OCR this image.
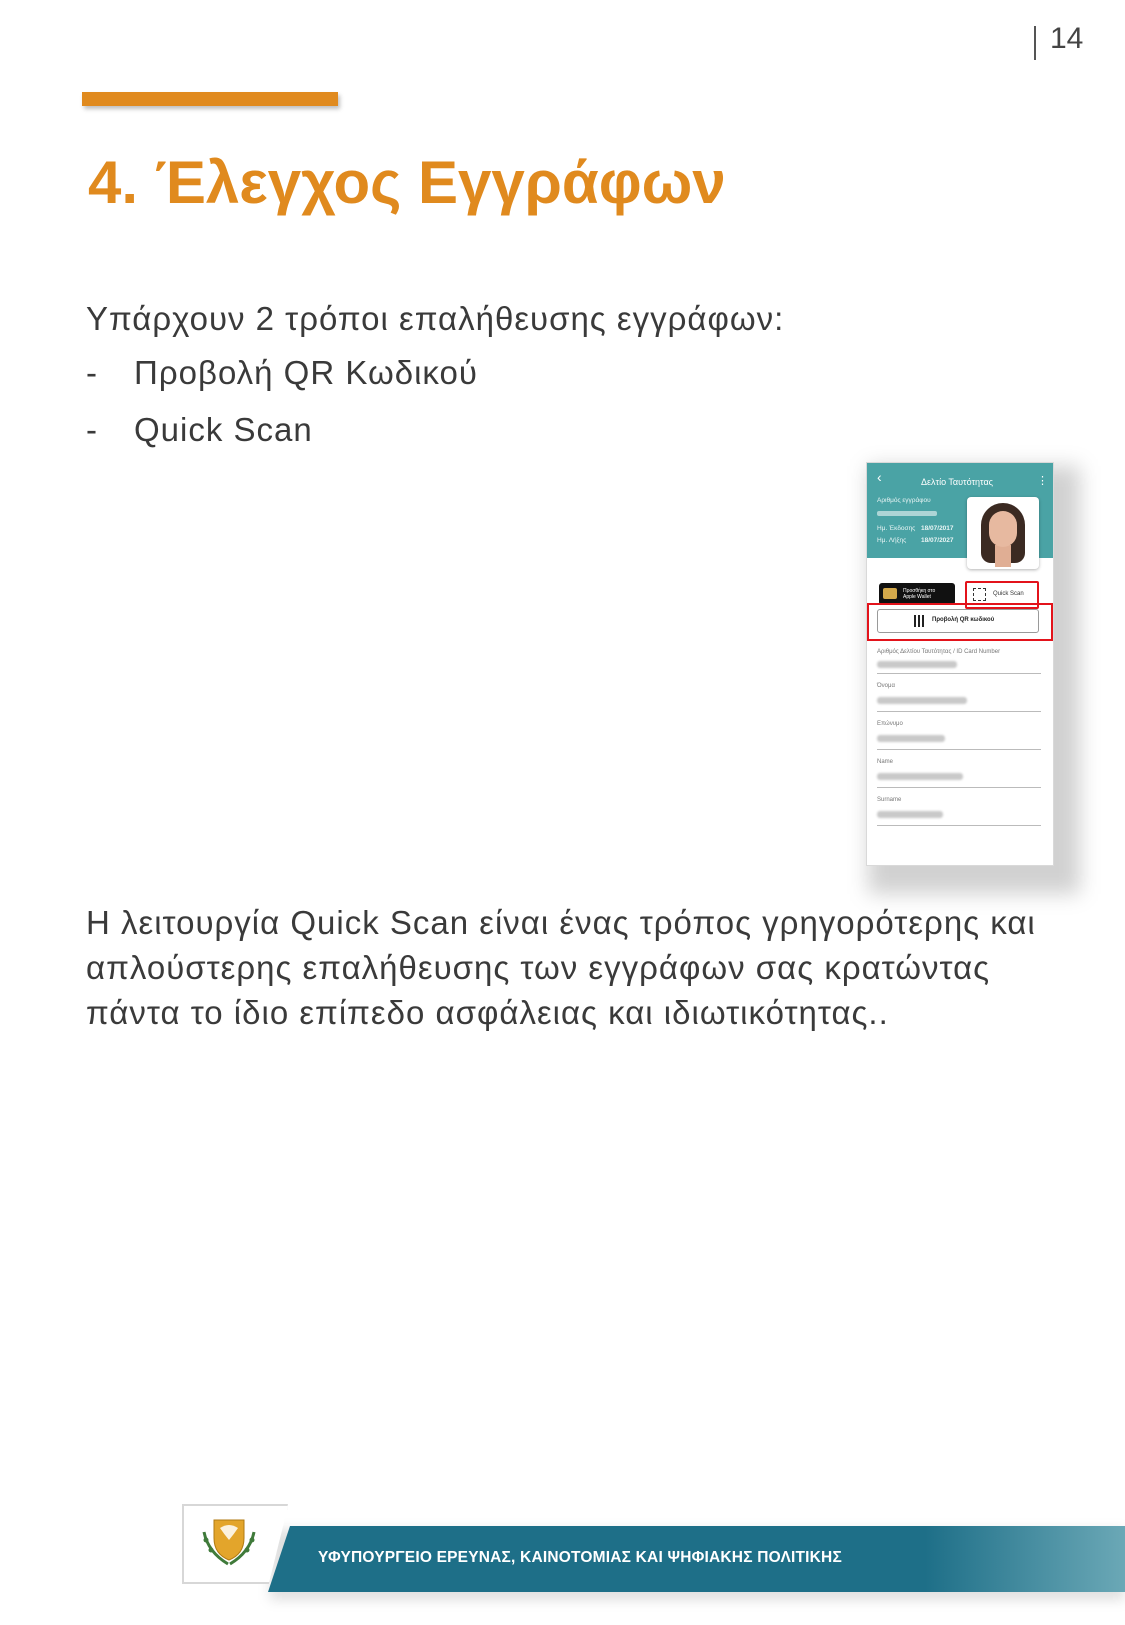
14
4. Έλεγχος Εγγράφων
Υπάρχουν 2 τρόποι επαλήθευσης εγγράφων:
- Προβολή QR Κωδικού
- Quick Scan
‹	Δελτίο Ταυτότητας	⋮
Αριθμός εγγράφου
Ημ. Έκδοσης 18/07/2017
Ημ. Λήξης 18/07/2027
Προσθήκη στο
Apple Wallet	Quick Scan
Προβολή QR κωδικού
Αριθμός Δελτίου Ταυτότητας / ID Card Number
Όνομα
Επώνυμο
Name
Surname

Η λειτουργία Quick Scan είναι ένας τρόπος γρηγορότερης και απλούστερης επαλήθευσης των εγγράφων σας κρατώντας πάντα το ίδιο επίπεδο ασφάλειας και ιδιωτικότητας..

ΥΦΥΠΟΥΡΓΕΙΟ ΕΡΕΥΝΑΣ, ΚΑΙΝΟΤΟΜΙΑΣ ΚΑΙ ΨΗΦΙΑΚΗΣ ΠΟΛΙΤΙΚΗΣ
